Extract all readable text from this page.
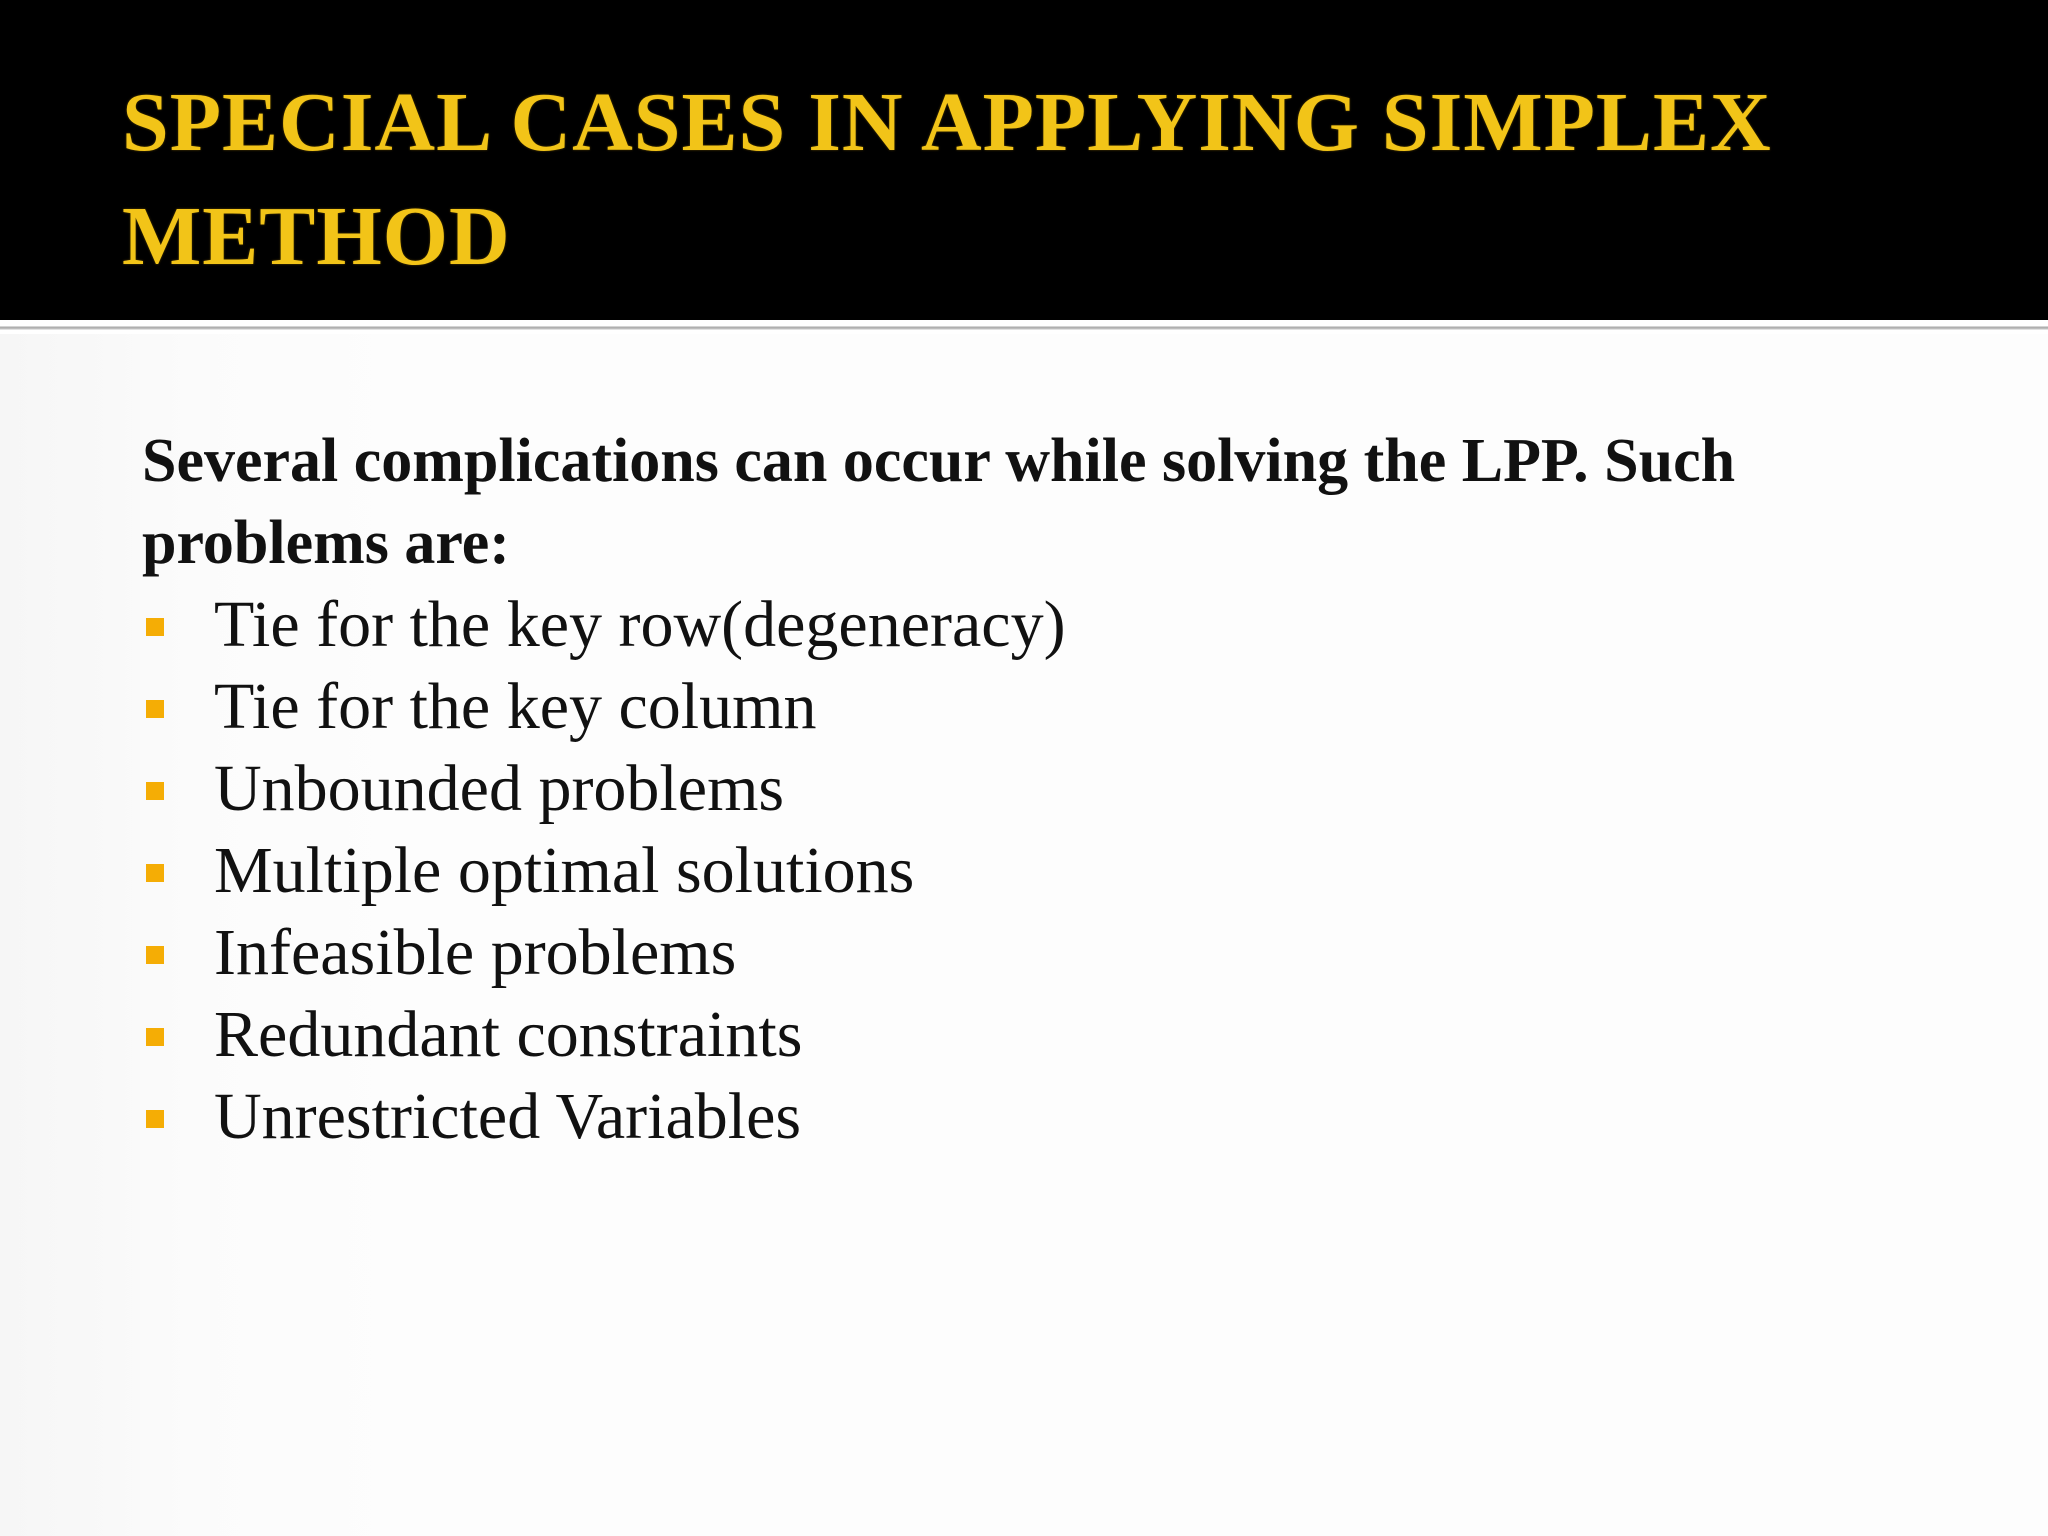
SPECIAL CASES IN APPLYING SIMPLEX METHOD

Several complications can occur while solving the LPP. Such problems are:

Tie for the key row(degeneracy)
Tie for the key column
Unbounded problems
Multiple optimal solutions
Infeasible problems
Redundant constraints
Unrestricted Variables
